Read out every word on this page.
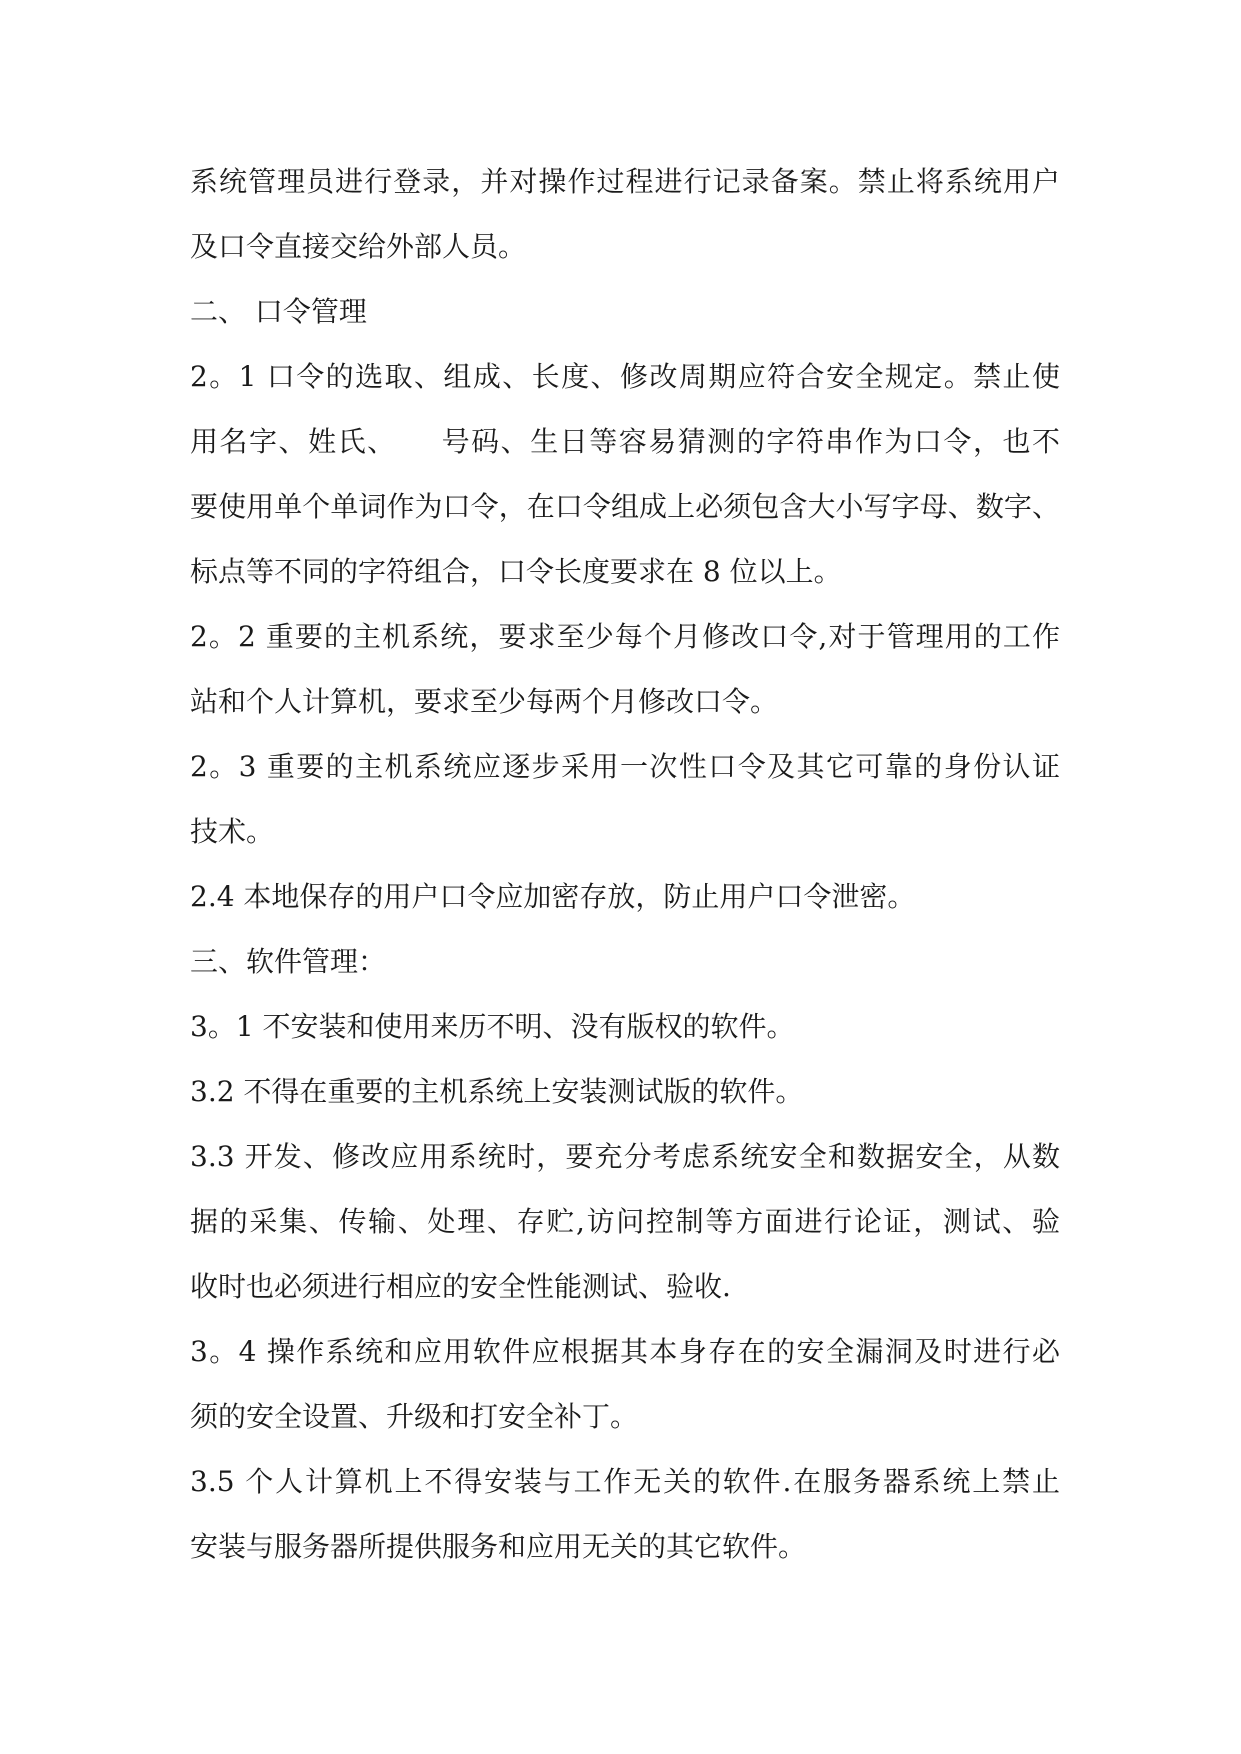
系统管理员进行登录，并对操作过程进行记录备案。禁止将系统用户
及口令直接交给外部人员。
二、 口令管理
2。1 口令的选取、组成、长度、修改周期应符合安全规定。禁止使
用名字、姓氏、　　号码、生日等容易猜测的字符串作为口令，也不
要使用单个单词作为口令，在口令组成上必须包含大小写字母、数字、
标点等不同的字符组合，口令长度要求在 8 位以上。
2。2 重要的主机系统，要求至少每个月修改口令,对于管理用的工作
站和个人计算机，要求至少每两个月修改口令。
2。3 重要的主机系统应逐步采用一次性口令及其它可靠的身份认证
技术。
2.4 本地保存的用户口令应加密存放，防止用户口令泄密。
三、软件管理：
3。1 不安装和使用来历不明、没有版权的软件。
3.2 不得在重要的主机系统上安装测试版的软件。
3.3 开发、修改应用系统时，要充分考虑系统安全和数据安全，从数
据的采集、传输、处理、存贮,访问控制等方面进行论证，测试、验
收时也必须进行相应的安全性能测试、验收.
3。4 操作系统和应用软件应根据其本身存在的安全漏洞及时进行必
须的安全设置、升级和打安全补丁。
3.5 个人计算机上不得安装与工作无关的软件.在服务器系统上禁止
安装与服务器所提供服务和应用无关的其它软件。
